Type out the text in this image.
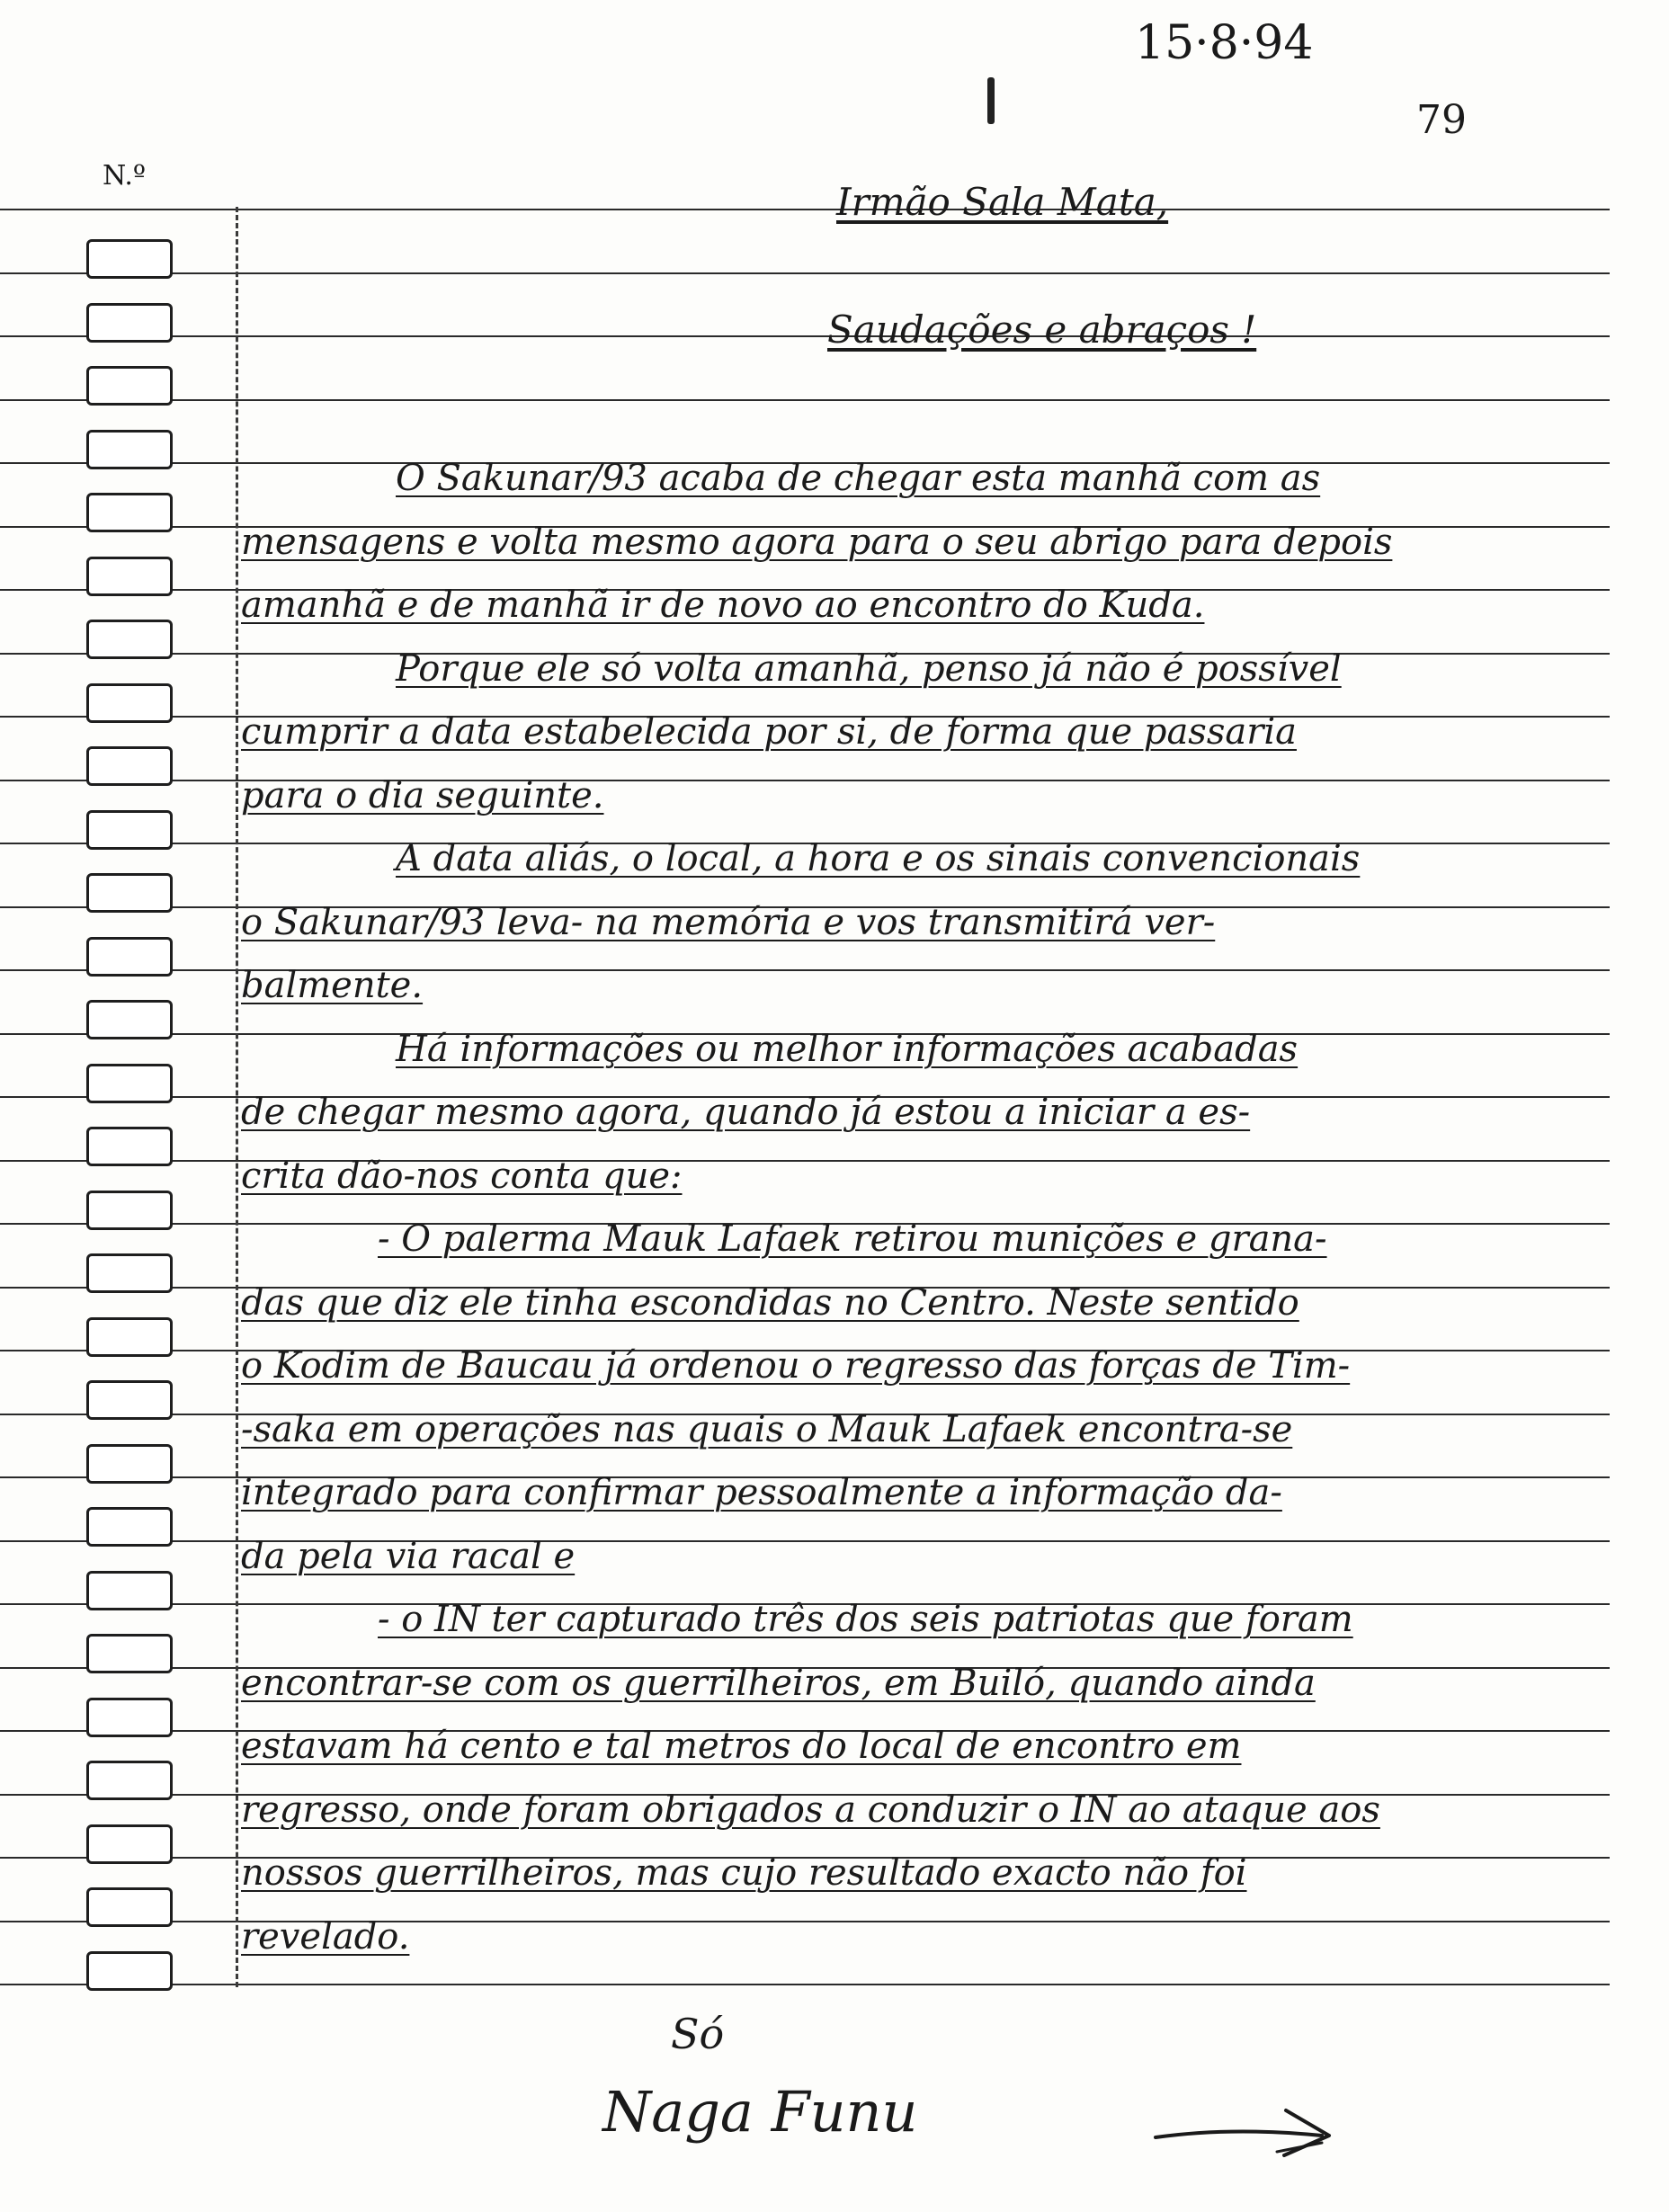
15·8·94
79
N.º
Irmão Sala Mata,
Saudações e abraços !
O Sakunar/93 acaba de chegar esta manhã com as
mensagens e volta mesmo agora para o seu abrigo para depois
amanhã e de manhã ir de novo ao encontro do Kuda.
Porque ele só volta amanhã, penso já não é possível
cumprir a data estabelecida por si, de forma que passaria
para o dia seguinte.
A data aliás, o local, a hora e os sinais convencionais
o Sakunar/93 leva- na memória e vos transmitirá ver-
balmente.
Há informações ou melhor informações acabadas
de chegar mesmo agora, quando já estou a iniciar a es-
crita dão-nos conta que:
- O palerma Mauk Lafaek retirou munições e grana-
das que diz ele tinha escondidas no Centro. Neste sentido
o Kodim de Baucau já ordenou o regresso das forças de Tim-
-saka em operações nas quais o Mauk Lafaek encontra-se
integrado para confirmar pessoalmente a informação da-
da pela via racal e
- o IN ter capturado três dos seis patriotas que foram
encontrar-se com os guerrilheiros, em Builó, quando ainda
estavam há cento e tal metros do local de encontro em
regresso, onde foram obrigados a conduzir o IN ao ataque aos
nossos guerrilheiros, mas cujo resultado exacto não foi
revelado.
Só
Naga Funu
